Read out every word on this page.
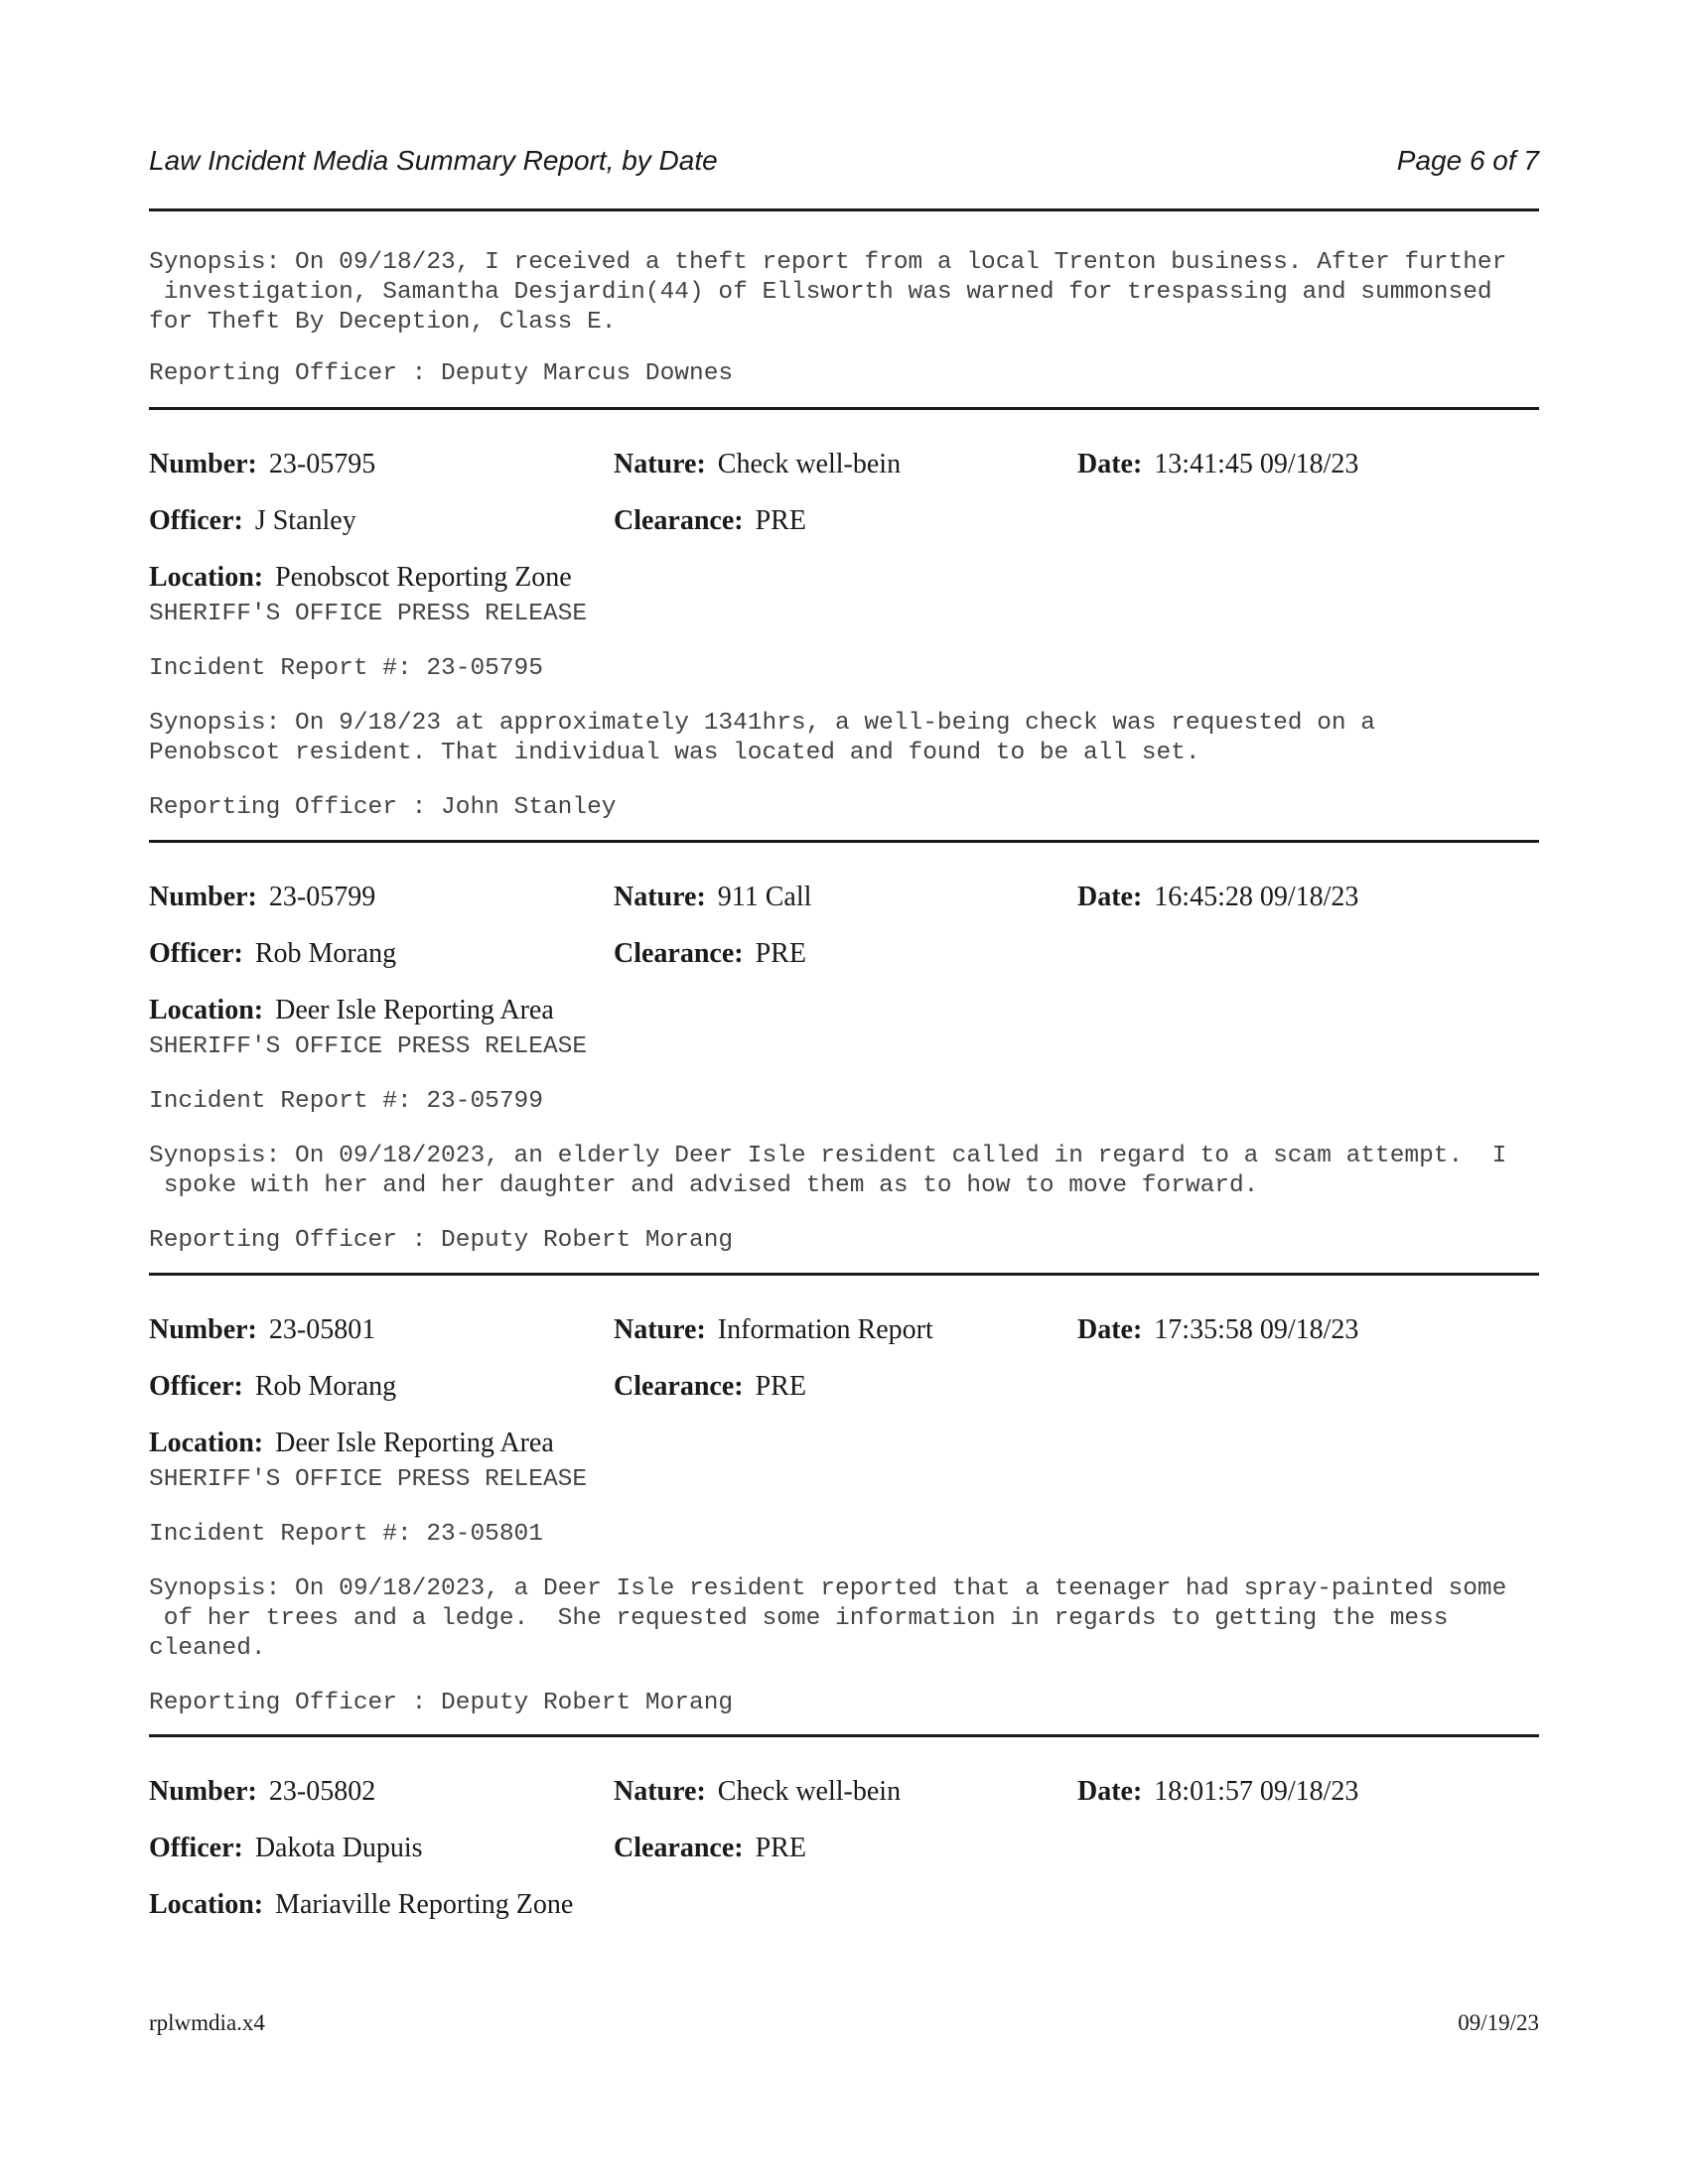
Law Incident Media Summary Report, by Date	Page 6 of 7
Synopsis: On 09/18/23, I received a theft report from a local Trenton business. After further
investigation, Samantha Desjardin(44) of Ellsworth was warned for trespassing and summonsed
for Theft By Deception, Class E.
Reporting Officer : Deputy Marcus Downes
Number: 23-05795	Nature: Check well-bein	Date: 13:41:45 09/18/23
Officer: J Stanley	Clearance: PRE
Location: Penobscot Reporting Zone
SHERIFF'S OFFICE PRESS RELEASE
Incident Report #: 23-05795
Synopsis: On 9/18/23 at approximately 1341hrs, a well-being check was requested on a
Penobscot resident. That individual was located and found to be all set.
Reporting Officer : John Stanley
Number: 23-05799	Nature: 911 Call	Date: 16:45:28 09/18/23
Officer: Rob Morang	Clearance: PRE
Location: Deer Isle Reporting Area
SHERIFF'S OFFICE PRESS RELEASE
Incident Report #: 23-05799
Synopsis: On 09/18/2023, an elderly Deer Isle resident called in regard to a scam attempt.  I
spoke with her and her daughter and advised them as to how to move forward.
Reporting Officer : Deputy Robert Morang
Number: 23-05801	Nature: Information Report	Date: 17:35:58 09/18/23
Officer: Rob Morang	Clearance: PRE
Location: Deer Isle Reporting Area
SHERIFF'S OFFICE PRESS RELEASE
Incident Report #: 23-05801
Synopsis: On 09/18/2023, a Deer Isle resident reported that a teenager had spray-painted some
of her trees and a ledge.  She requested some information in regards to getting the mess
cleaned.
Reporting Officer : Deputy Robert Morang
Number: 23-05802	Nature: Check well-bein	Date: 18:01:57 09/18/23
Officer: Dakota Dupuis	Clearance: PRE
Location: Mariaville Reporting Zone
rplwmdia.x4	09/19/23
